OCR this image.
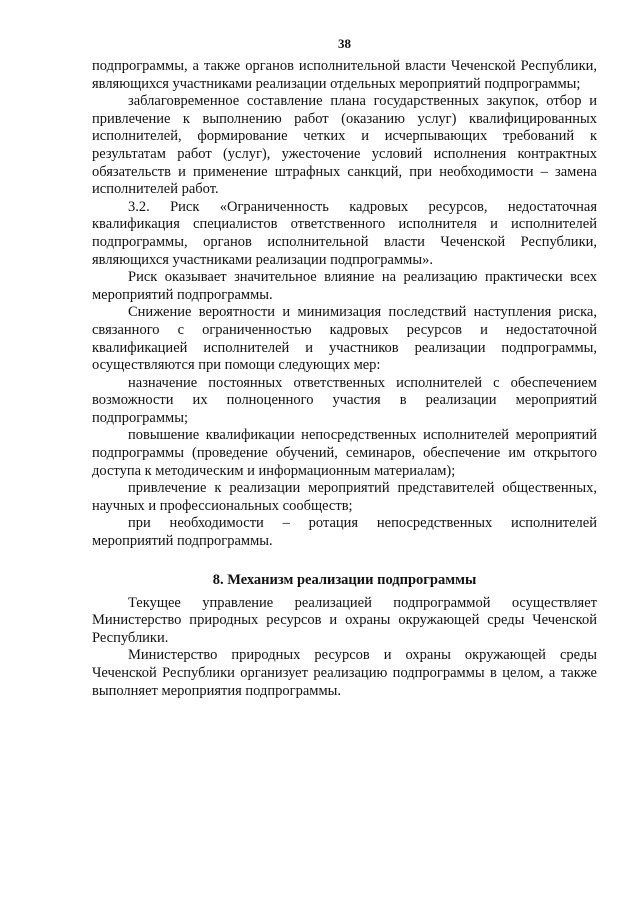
38

подпрограммы, а также органов исполнительной власти Чеченской Республики, являющихся участниками реализации отдельных мероприятий подпрограммы;

заблаговременное составление плана государственных закупок, отбор и привлечение к выполнению работ (оказанию услуг) квалифицированных исполнителей, формирование четких и исчерпывающих требований к результатам работ (услуг), ужесточение условий исполнения контрактных обязательств и применение штрафных санкций, при необходимости – замена исполнителей работ.

3.2. Риск «Ограниченность кадровых ресурсов, недостаточная квалификация специалистов ответственного исполнителя и исполнителей подпрограммы, органов исполнительной власти Чеченской Республики, являющихся участниками реализации подпрограммы».

Риск оказывает значительное влияние на реализацию практически всех мероприятий подпрограммы.

Снижение вероятности и минимизация последствий наступления риска, связанного с ограниченностью кадровых ресурсов и недостаточной квалификацией исполнителей и участников реализации подпрограммы, осуществляются при помощи следующих мер:

назначение постоянных ответственных исполнителей с обеспечением возможности их полноценного участия в реализации мероприятий подпрограммы;

повышение квалификации непосредственных исполнителей мероприятий подпрограммы (проведение обучений, семинаров, обеспечение им открытого доступа к методическим и информационным материалам);

привлечение к реализации мероприятий представителей общественных, научных и профессиональных сообществ;

при необходимости – ротация непосредственных исполнителей мероприятий подпрограммы.

8. Механизм реализации подпрограммы

Текущее управление реализацией подпрограммой осуществляет Министерство природных ресурсов и охраны окружающей среды Чеченской Республики.

Министерство природных ресурсов и охраны окружающей среды Чеченской Республики организует реализацию подпрограммы в целом, а также выполняет мероприятия подпрограммы.
